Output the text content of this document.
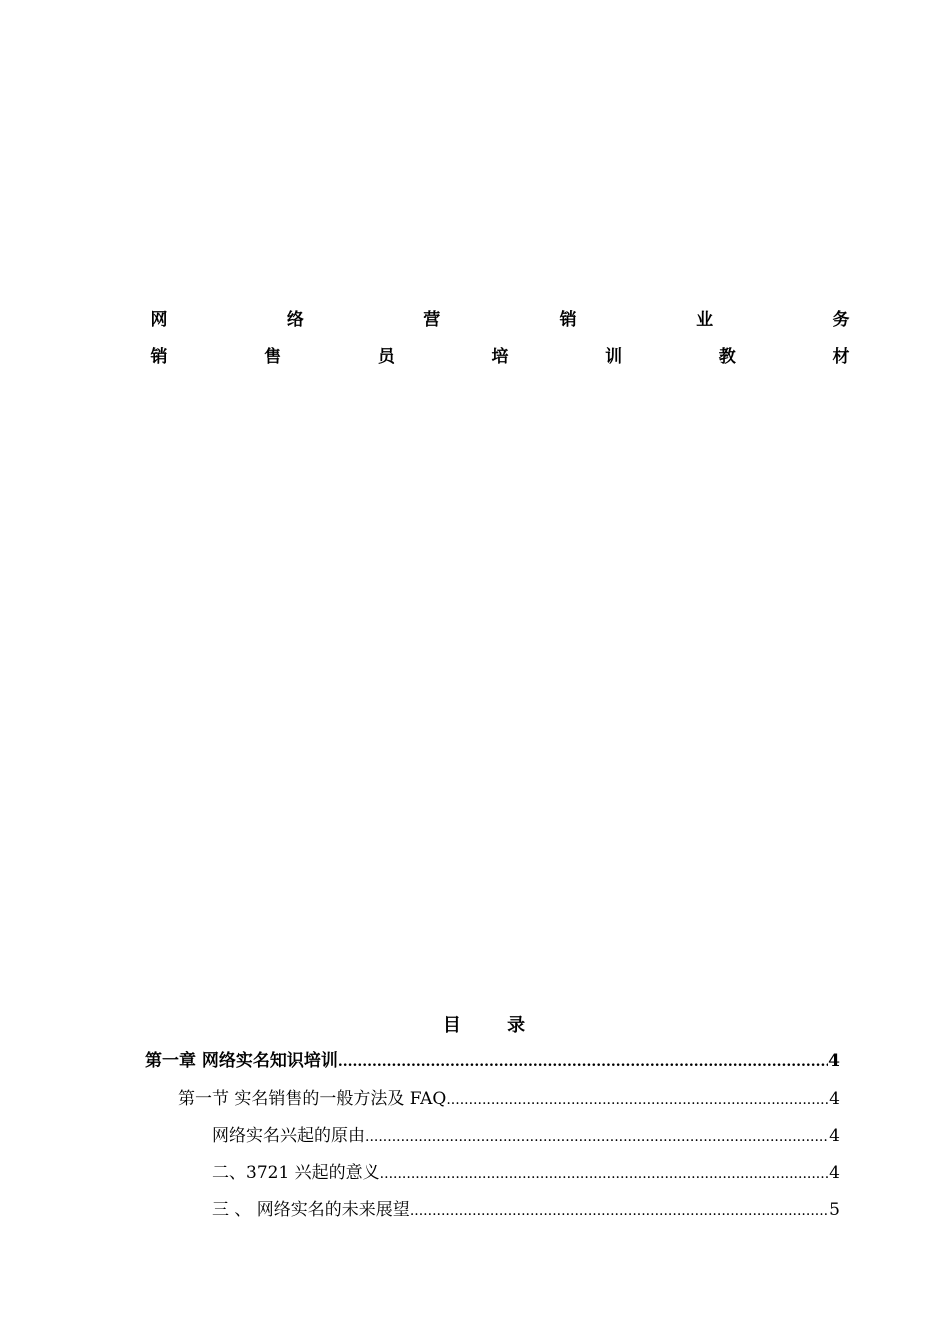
网	络	营	销	业	务
销	售	员	培	训	教	材
目 录
第一章 网络实名知识培训 .....	4
第一节 实名销售的一般方法及 FAQ .....	4
网络实名兴起的原由 .....	4
二、3721 兴起的意义 .....	4
三 、 网络实名的未来展望 .....	5
